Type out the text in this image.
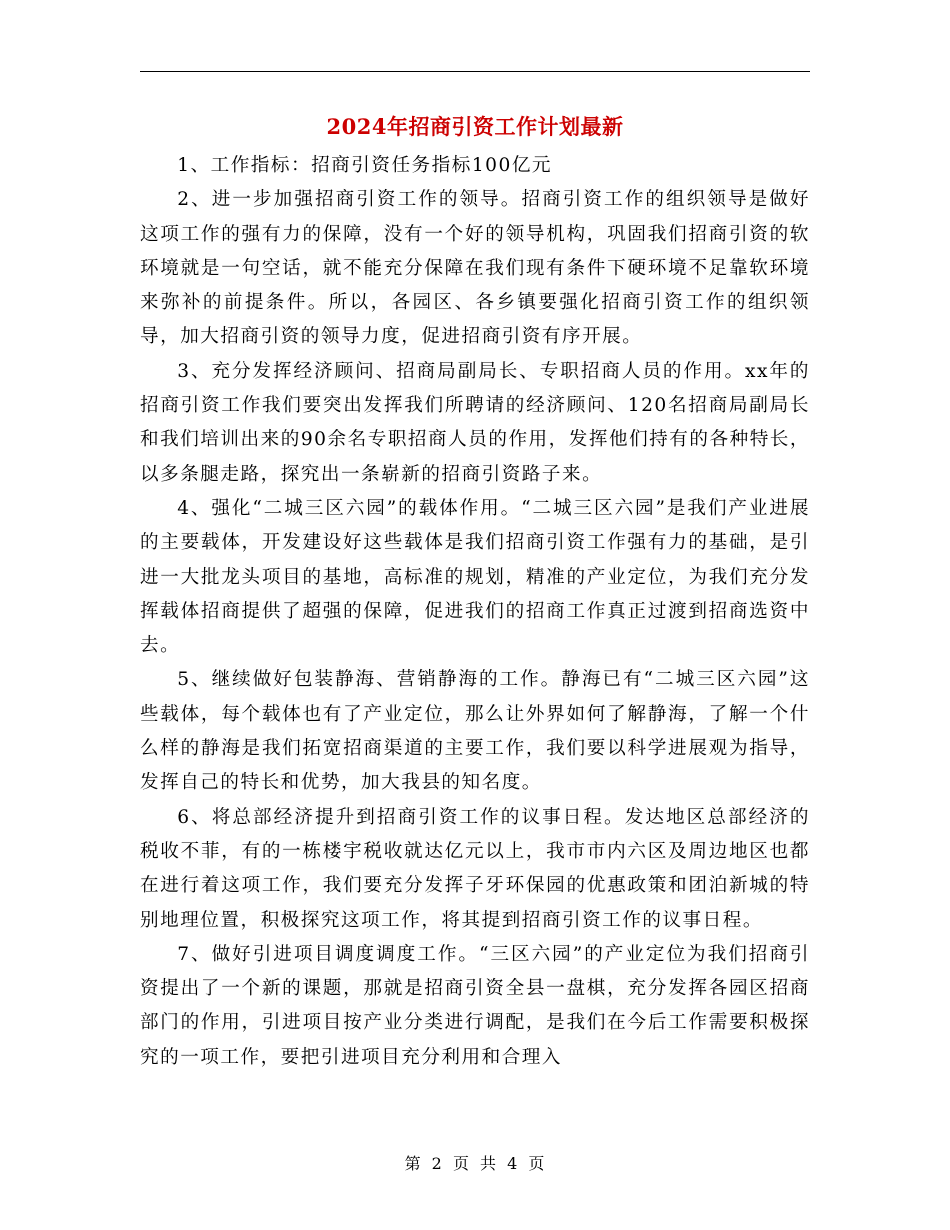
2024年招商引资工作计划最新

1、工作指标：招商引资任务指标100亿元

2、进一步加强招商引资工作的领导。招商引资工作的组织领导是做好这项工作的强有力的保障，没有一个好的领导机构，巩固我们招商引资的软环境就是一句空话，就不能充分保障在我们现有条件下硬环境不足靠软环境来弥补的前提条件。所以，各园区、各乡镇要强化招商引资工作的组织领导，加大招商引资的领导力度，促进招商引资有序开展。

3、充分发挥经济顾问、招商局副局长、专职招商人员的作用。xx年的招商引资工作我们要突出发挥我们所聘请的经济顾问、120名招商局副局长和我们培训出来的90余名专职招商人员的作用，发挥他们持有的各种特长，以多条腿走路，探究出一条崭新的招商引资路子来。

4、强化“二城三区六园”的载体作用。“二城三区六园”是我们产业进展的主要载体，开发建设好这些载体是我们招商引资工作强有力的基础，是引进一大批龙头项目的基地，高标准的规划，精准的产业定位，为我们充分发挥载体招商提供了超强的保障，促进我们的招商工作真正过渡到招商选资中去。

5、继续做好包装静海、营销静海的工作。静海已有“二城三区六园”这些载体，每个载体也有了产业定位，那么让外界如何了解静海，了解一个什么样的静海是我们拓宽招商渠道的主要工作，我们要以科学进展观为指导，发挥自己的特长和优势，加大我县的知名度。

6、将总部经济提升到招商引资工作的议事日程。发达地区总部经济的税收不菲，有的一栋楼宇税收就达亿元以上，我市市内六区及周边地区也都在进行着这项工作，我们要充分发挥子牙环保园的优惠政策和团泊新城的特别地理位置，积极探究这项工作，将其提到招商引资工作的议事日程。

7、做好引进项目调度调度工作。“三区六园”的产业定位为我们招商引资提出了一个新的课题，那就是招商引资全县一盘棋，充分发挥各园区招商部门的作用，引进项目按产业分类进行调配，是我们在今后工作需要积极探究的一项工作，要把引进项目充分利用和合理入

第 2 页 共 4 页
